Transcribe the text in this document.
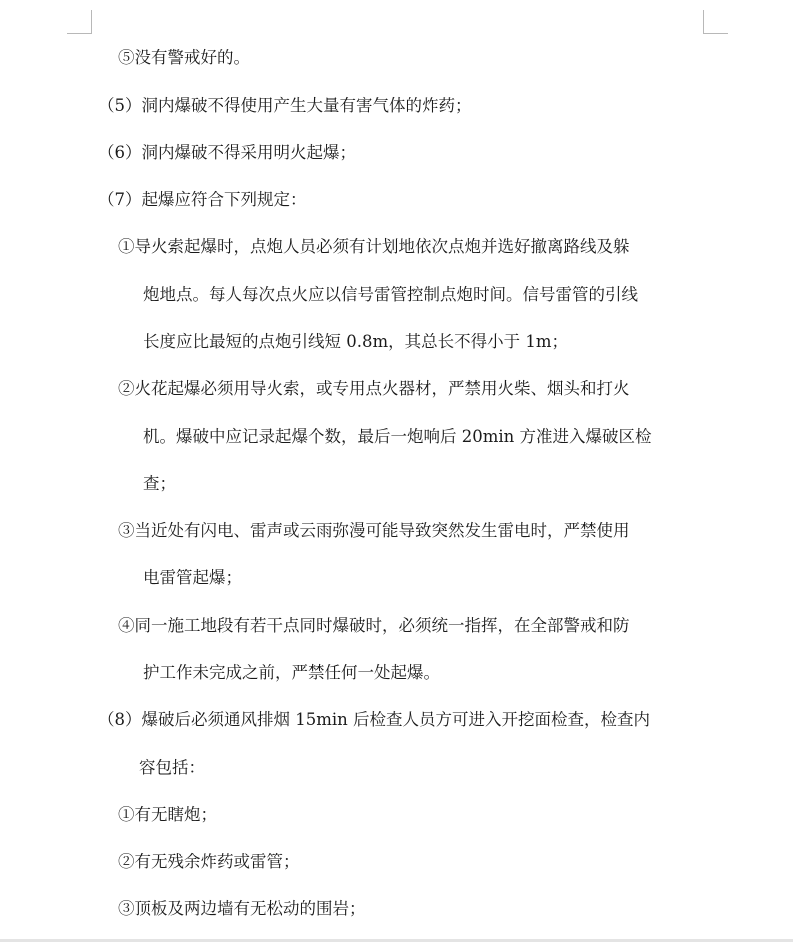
⑤没有警戒好的。
（5）洞内爆破不得使用产生大量有害气体的炸药；
（6）洞内爆破不得采用明火起爆；
（7）起爆应符合下列规定：
①导火索起爆时，点炮人员必须有计划地依次点炮并选好撤离路线及躲
炮地点。每人每次点火应以信号雷管控制点炮时间。信号雷管的引线
长度应比最短的点炮引线短 0.8m，其总长不得小于 1m；
②火花起爆必须用导火索，或专用点火器材，严禁用火柴、烟头和打火
机。爆破中应记录起爆个数，最后一炮响后 20min 方准进入爆破区检
查；
③当近处有闪电、雷声或云雨弥漫可能导致突然发生雷电时，严禁使用
电雷管起爆；
④同一施工地段有若干点同时爆破时，必须统一指挥，在全部警戒和防
护工作未完成之前，严禁任何一处起爆。
（8）爆破后必须通风排烟 15min 后检查人员方可进入开挖面检查，检查内
容包括：
①有无瞎炮；
②有无残余炸药或雷管；
③顶板及两边墙有无松动的围岩；
